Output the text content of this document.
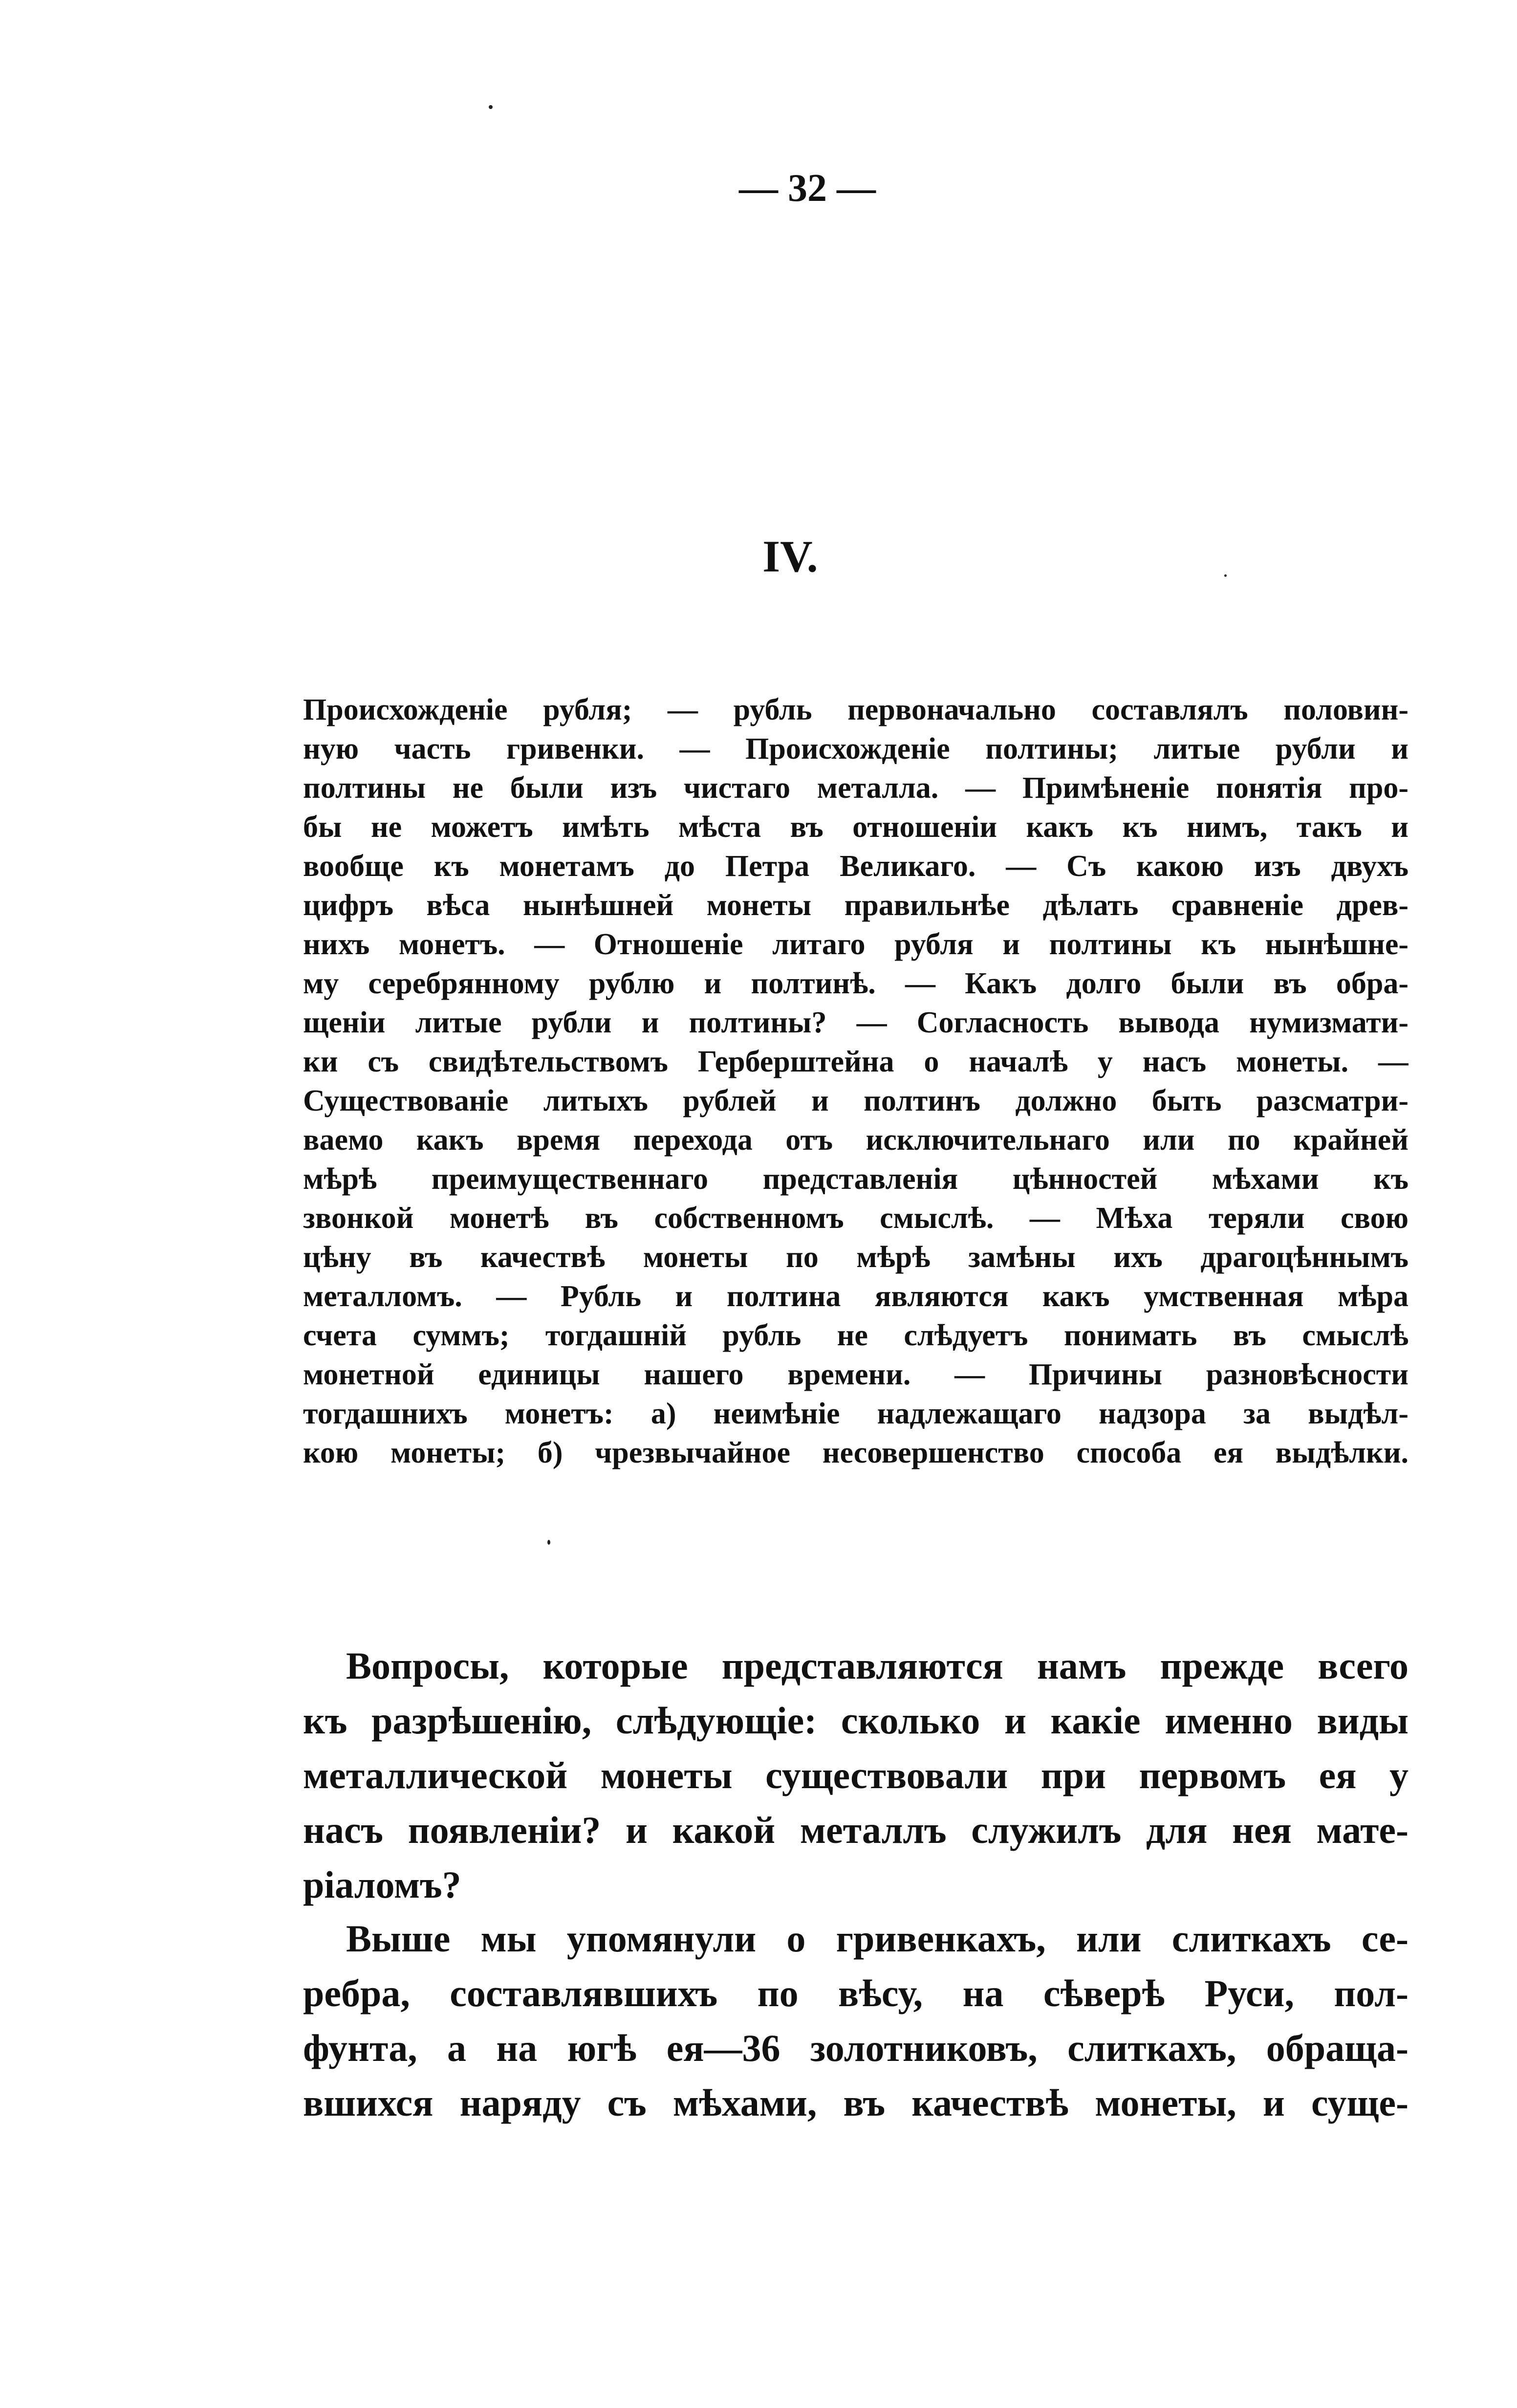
— 32 —
IV.
Происхожденіе рубля; — рубль первоначально составлялъ половин-
ную часть гривенки. — Происхожденіе полтины; литые рубли и
полтины не были изъ чистаго металла. — Примѣненіе понятія про-
бы не можетъ имѣть мѣста въ отношеніи какъ къ нимъ, такъ и
вообще къ монетамъ до Петра Великаго. — Съ какою изъ двухъ
цифръ вѣса нынѣшней монеты правильнѣе дѣлать сравненіе древ-
нихъ монетъ. — Отношеніе литаго рубля и полтины къ нынѣшне-
му серебрянному рублю и полтинѣ. — Какъ долго были въ обра-
щеніи литые рубли и полтины? — Согласность вывода нумизмати-
ки съ свидѣтельствомъ Герберштейна о началѣ у насъ монеты. —
Существованіе литыхъ рублей и полтинъ должно быть разсматри-
ваемо какъ время перехода отъ исключительнаго или по крайней
мѣрѣ преимущественнаго представленія цѣнностей мѣхами къ
звонкой монетѣ въ собственномъ смыслѣ. — Мѣха теряли свою
цѣну въ качествѣ монеты по мѣрѣ замѣны ихъ драгоцѣннымъ
металломъ. — Рубль и полтина являются какъ умственная мѣра
счета суммъ; тогдашній рубль не слѣдуетъ понимать въ смыслѣ
монетной единицы нашего времени. — Причины разновѣсности
тогдашнихъ монетъ: а) неимѣніе надлежащаго надзора за выдѣл-
кою монеты; б) чрезвычайное несовершенство способа ея выдѣлки.
Вопросы, которые представляются намъ прежде всего
къ разрѣшенію, слѣдующіе: сколько и какіе именно виды
металлической монеты существовали при первомъ ея у
насъ появленіи? и какой металлъ служилъ для нея мате-
ріаломъ?
Выше мы упомянули о гривенкахъ, или слиткахъ се-
ребра, составлявшихъ по вѣсу, на сѣверѣ Руси, пол-
фунта, а на югѣ ея—36 золотниковъ, слиткахъ, обраща-
вшихся наряду съ мѣхами, въ качествѣ монеты, и суще-
